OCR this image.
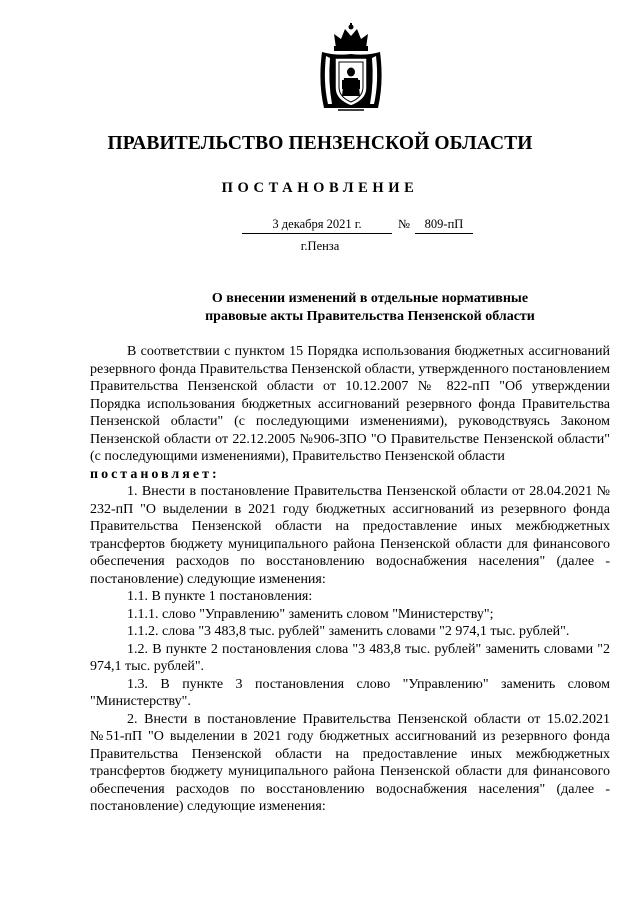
ПРАВИТЕЛЬСТВО ПЕНЗЕНСКОЙ ОБЛАСТИ
ПОСТАНОВЛЕНИЕ
3 декабря 2021 г.	№	809-пП
г.Пенза
О внесении изменений в отдельные нормативные правовые акты Правительства Пензенской области

В соответствии с пунктом 15 Порядка использования бюджетных ассигнований резервного фонда Правительства Пензенской области, утвержденного постановлением Правительства Пензенской области от 10.12.2007 № 822-пП "Об утверждении Порядка использования бюджетных ассигнований резервного фонда Правительства Пензенской области" (с последующими изменениями), руководствуясь Законом Пензенской области от 22.12.2005 №906-ЗПО "О Правительстве Пензенской области" (с последующими изменениями), Правительство Пензенской области

постановляет:

1. Внести в постановление Правительства Пензенской области от 28.04.2021 № 232-пП "О выделении в 2021 году бюджетных ассигнований из резервного фонда Правительства Пензенской области на предоставление иных межбюджетных трансфертов бюджету муниципального района Пензенской области для финансового обеспечения расходов по восстановлению водоснабжения населения" (далее - постановление) следующие изменения:

1.1. В пункте 1 постановления:

1.1.1. слово "Управлению" заменить словом "Министерству";

1.1.2. слова "3 483,8 тыс. рублей" заменить словами "2 974,1 тыс. рублей".

1.2. В пункте 2 постановления слова "3 483,8 тыс. рублей" заменить словами "2 974,1 тыс. рублей".

1.3. В пункте 3 постановления слово "Управлению" заменить словом "Министерству".

2. Внести в постановление Правительства Пензенской области от 15.02.2021 №51-пП "О выделении в 2021 году бюджетных ассигнований из резервного фонда Правительства Пензенской области на предоставление иных межбюджетных трансфертов бюджету муниципального района Пензенской области для финансового обеспечения расходов по восстановлению водоснабжения населения" (далее - постановление) следующие изменения:
